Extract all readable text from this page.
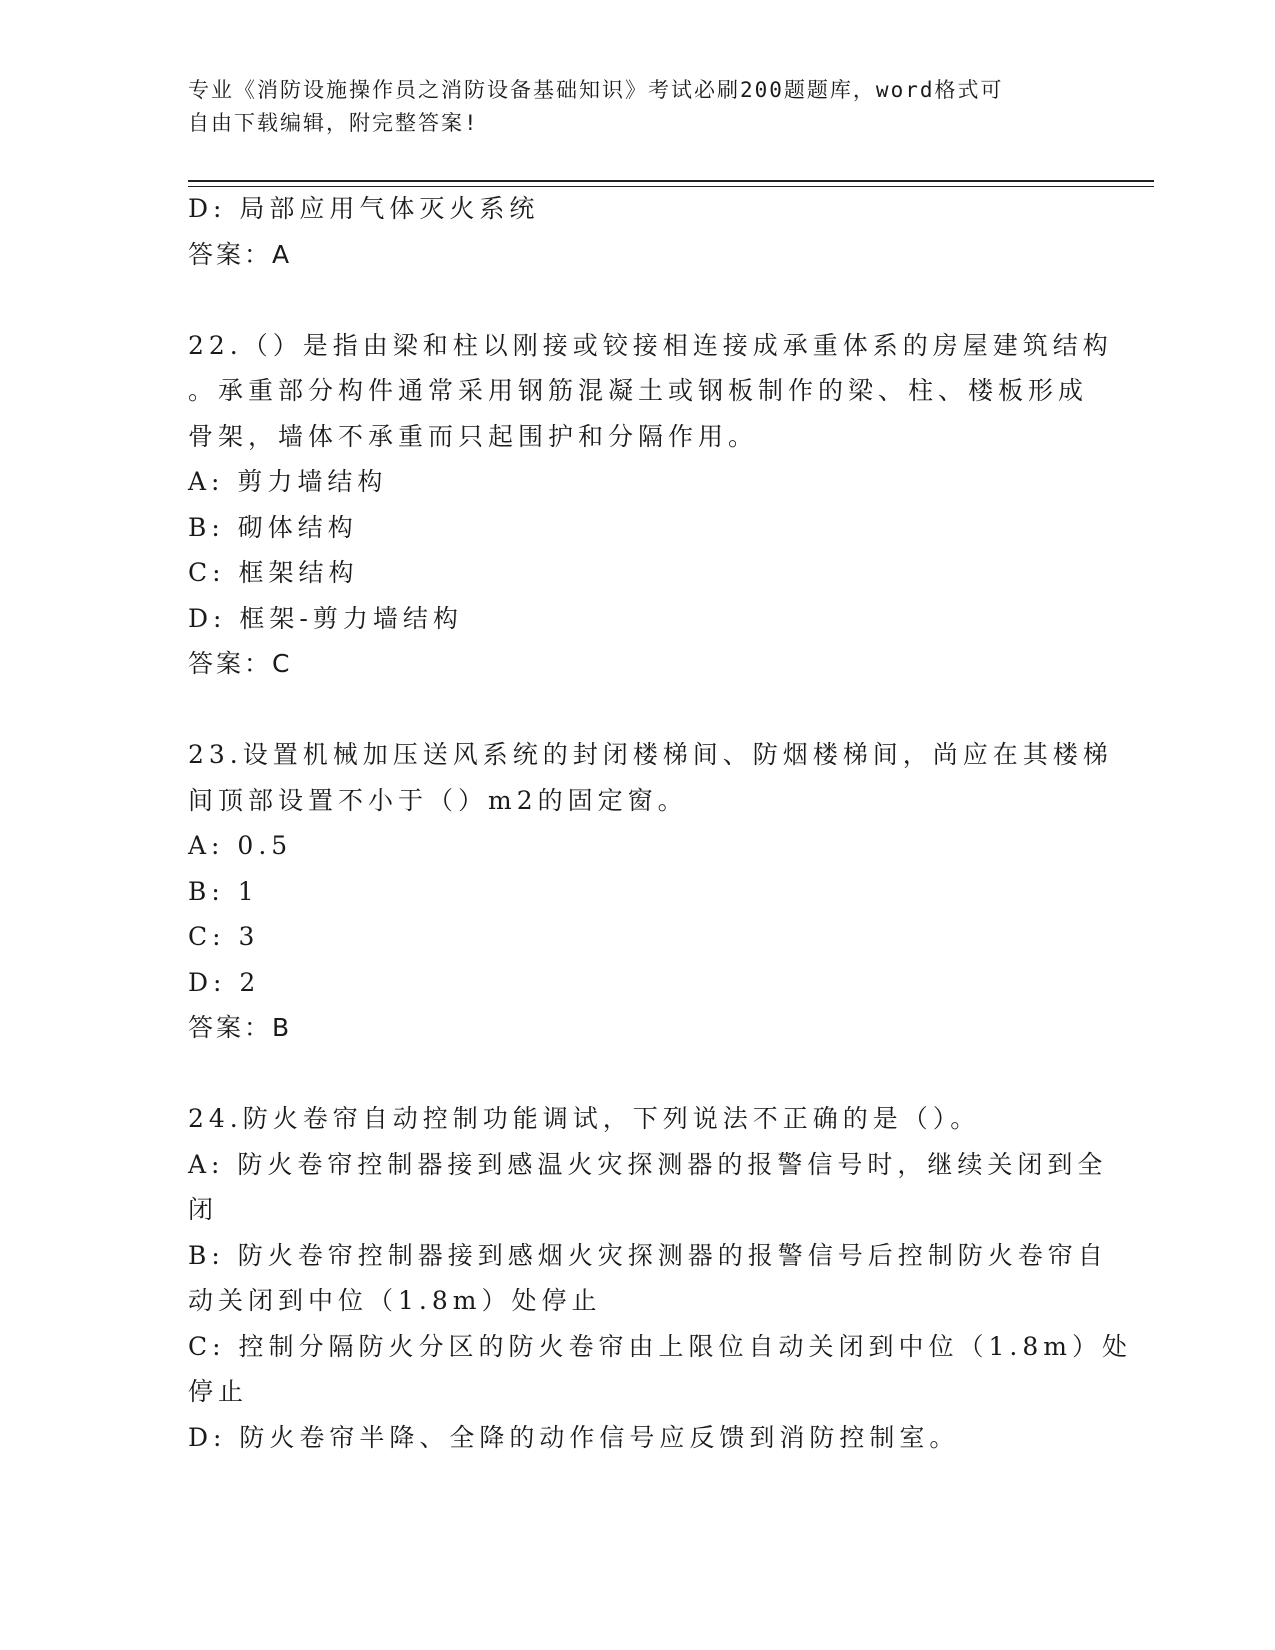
专业《消防设施操作员之消防设备基础知识》考试必刷200题题库，word格式可
自由下载编辑，附完整答案!
D: 局部应用气体灭火系统
答案：A
22.（）是指由梁和柱以刚接或铰接相连接成承重体系的房屋建筑结构
。承重部分构件通常采用钢筋混凝土或钢板制作的梁、柱、楼板形成
骨架，墙体不承重而只起围护和分隔作用。
A: 剪力墙结构
B: 砌体结构
C: 框架结构
D: 框架-剪力墙结构
答案：C
23.设置机械加压送风系统的封闭楼梯间、防烟楼梯间，尚应在其楼梯
间顶部设置不小于（）m2的固定窗。
A: 0.5
B: 1
C: 3
D: 2
答案：B
24.防火卷帘自动控制功能调试，下列说法不正确的是（）。
A: 防火卷帘控制器接到感温火灾探测器的报警信号时，继续关闭到全
闭
B: 防火卷帘控制器接到感烟火灾探测器的报警信号后控制防火卷帘自
动关闭到中位（1.8m）处停止
C: 控制分隔防火分区的防火卷帘由上限位自动关闭到中位（1.8m）处
停止
D: 防火卷帘半降、全降的动作信号应反馈到消防控制室。
